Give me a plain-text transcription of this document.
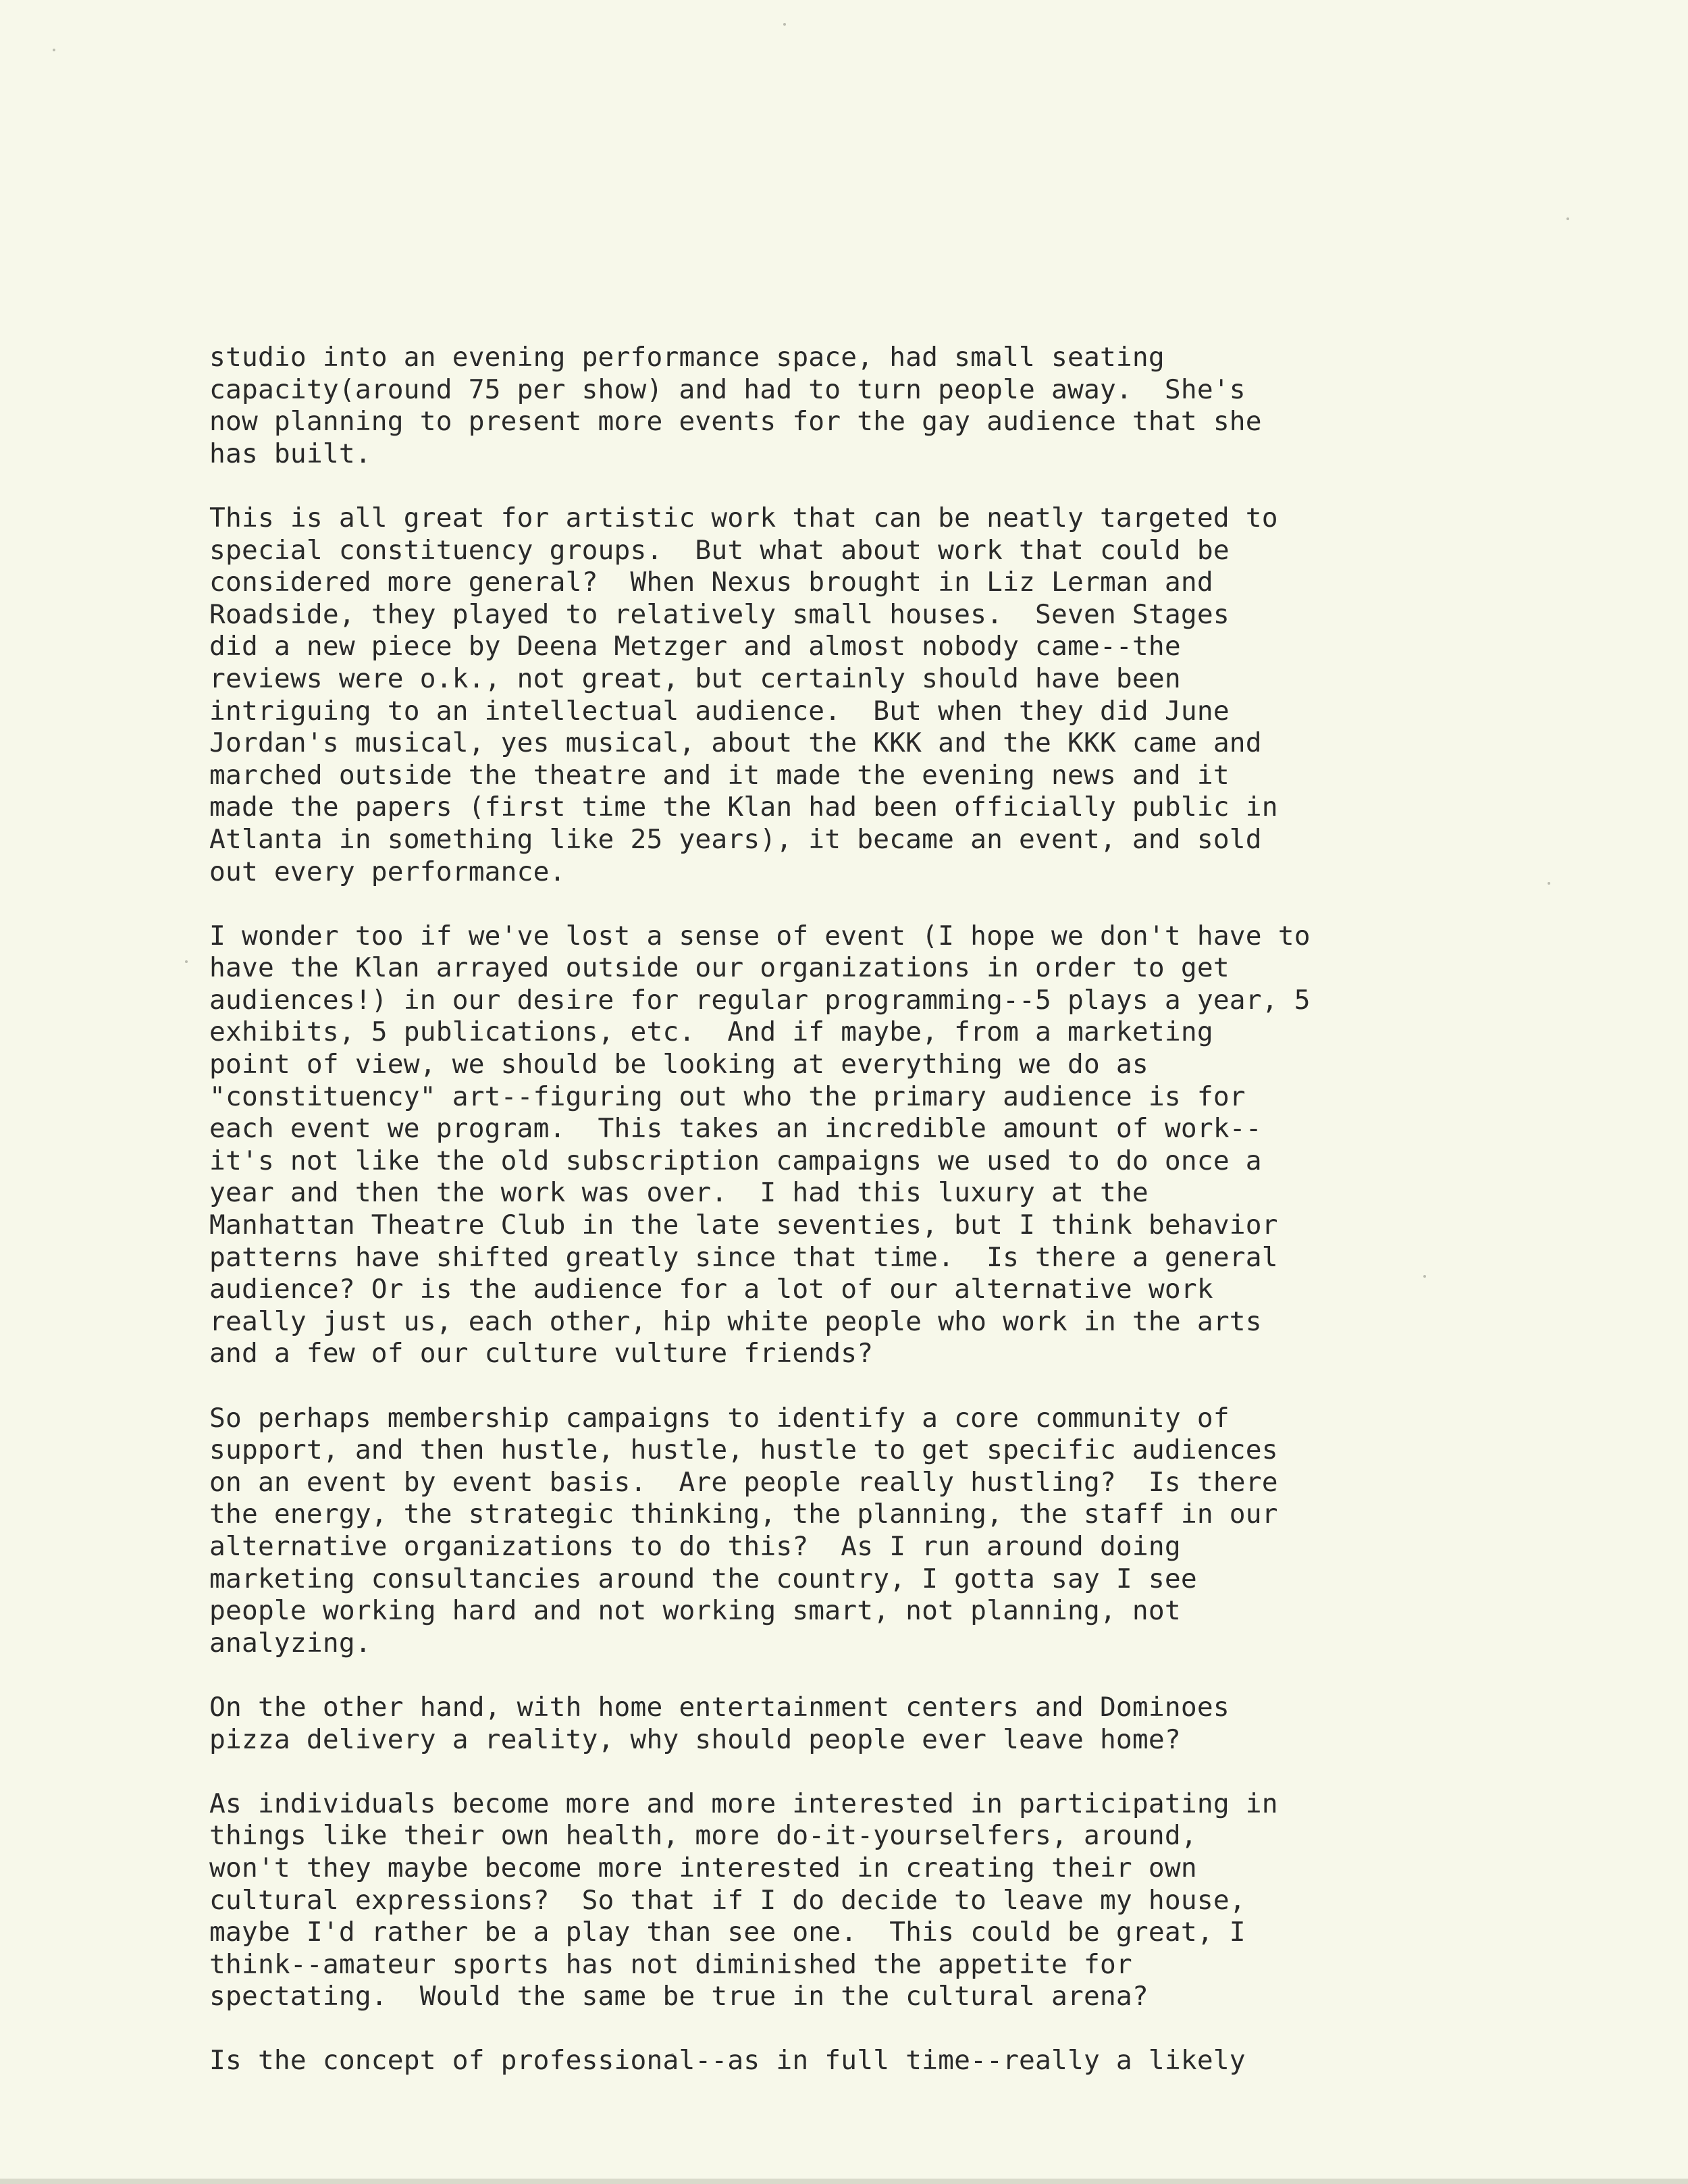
studio into an evening performance space, had small seating
capacity(around 75 per show) and had to turn people away.  She's
now planning to present more events for the gay audience that she
has built.
This is all great for artistic work that can be neatly targeted to
special constituency groups.  But what about work that could be
considered more general?  When Nexus brought in Liz Lerman and
Roadside, they played to relatively small houses.  Seven Stages
did a new piece by Deena Metzger and almost nobody came--the
reviews were o.k., not great, but certainly should have been
intriguing to an intellectual audience.  But when they did June
Jordan's musical, yes musical, about the KKK and the KKK came and
marched outside the theatre and it made the evening news and it
made the papers (first time the Klan had been officially public in
Atlanta in something like 25 years), it became an event, and sold
out every performance.
I wonder too if we've lost a sense of event (I hope we don't have to
have the Klan arrayed outside our organizations in order to get
audiences!) in our desire for regular programming--5 plays a year, 5
exhibits, 5 publications, etc.  And if maybe, from a marketing
point of view, we should be looking at everything we do as
"constituency" art--figuring out who the primary audience is for
each event we program.  This takes an incredible amount of work--
it's not like the old subscription campaigns we used to do once a
year and then the work was over.  I had this luxury at the
Manhattan Theatre Club in the late seventies, but I think behavior
patterns have shifted greatly since that time.  Is there a general
audience? Or is the audience for a lot of our alternative work
really just us, each other, hip white people who work in the arts
and a few of our culture vulture friends?
So perhaps membership campaigns to identify a core community of
support, and then hustle, hustle, hustle to get specific audiences
on an event by event basis.  Are people really hustling?  Is there
the energy, the strategic thinking, the planning, the staff in our
alternative organizations to do this?  As I run around doing
marketing consultancies around the country, I gotta say I see
people working hard and not working smart, not planning, not
analyzing.
On the other hand, with home entertainment centers and Dominoes
pizza delivery a reality, why should people ever leave home?
As individuals become more and more interested in participating in
things like their own health, more do-it-yourselfers, around,
won't they maybe become more interested in creating their own
cultural expressions?  So that if I do decide to leave my house,
maybe I'd rather be a play than see one.  This could be great, I
think--amateur sports has not diminished the appetite for
spectating.  Would the same be true in the cultural arena?
Is the concept of professional--as in full time--really a likely
